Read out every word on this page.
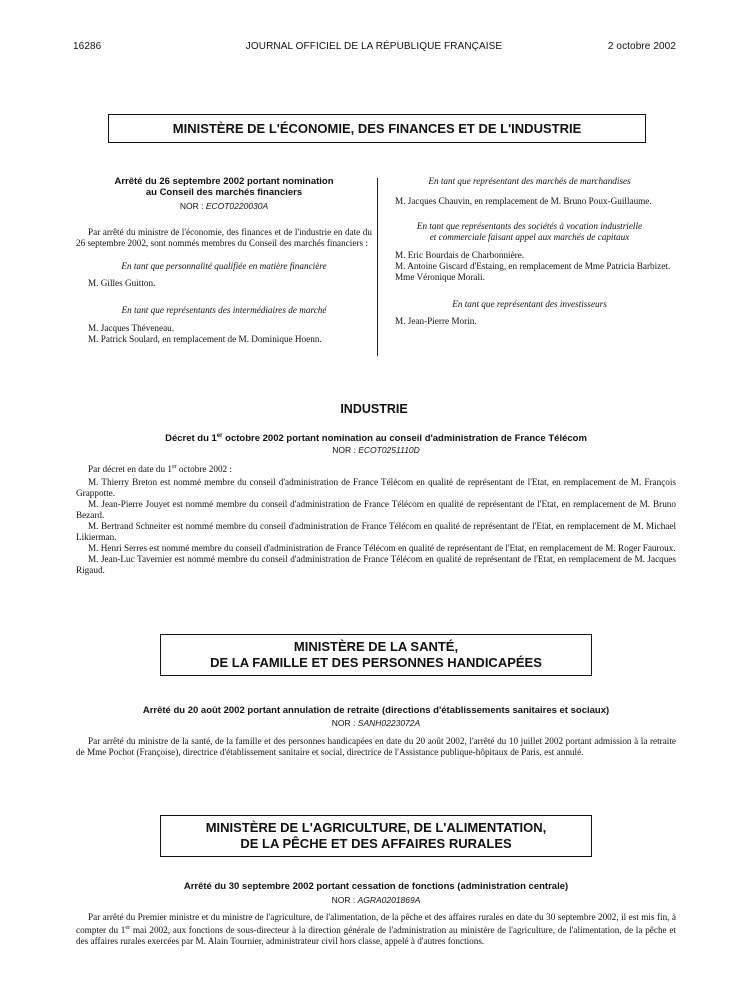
16286	JOURNAL OFFICIEL DE LA RÉPUBLIQUE FRANÇAISE	2 octobre 2002
MINISTÈRE DE L'ÉCONOMIE, DES FINANCES ET DE L'INDUSTRIE
Arrêté du 26 septembre 2002 portant nomination
au Conseil des marchés financiers
NOR : ECOT0220030A

Par arrêté du ministre de l'économie, des finances et de l'industrie en date du 26 septembre 2002, sont nommés membres du Conseil des marchés financiers :

En tant que personnalité qualifiée en matière financière

M. Gilles Guitton.

En tant que représentants des intermédiaires de marché

M. Jacques Théveneau.

M. Patrick Soulard, en remplacement de M. Dominique Hoenn.

En tant que représentant des marchés de marchandises

M. Jacques Chauvin, en remplacement de M. Bruno Poux-Guillaume.

En tant que représentants des sociétés à vocation industrielle
et commerciale faisant appel aux marchés de capitaux

M. Eric Bourdais de Charbonnière.

M. Antoine Giscard d'Estaing, en remplacement de Mme Patricia Barbizet.

Mme Véronique Morali.

En tant que représentant des investisseurs

M. Jean-Pierre Morin.

INDUSTRIE
Décret du 1er octobre 2002 portant nomination au conseil d'administration de France Télécom
NOR : ECOT0251110D

Par décret en date du 1er octobre 2002 :

M. Thierry Breton est nommé membre du conseil d'administration de France Télécom en qualité de représentant de l'Etat, en remplacement de M. François Grappotte.

M. Jean-Pierre Jouyet est nommé membre du conseil d'administration de France Télécom en qualité de représentant de l'Etat, en remplacement de M. Bruno Bezard.

M. Bertrand Schneiter est nommé membre du conseil d'administration de France Télécom en qualité de représentant de l'Etat, en remplacement de M. Michael Likierman.

M. Henri Serres est nommé membre du conseil d'administration de France Télécom en qualité de représentant de l'Etat, en remplacement de M. Roger Fauroux.

M. Jean-Luc Tavernier est nommé membre du conseil d'administration de France Télécom en qualité de représentant de l'Etat, en remplacement de M. Jacques Rigaud.

MINISTÈRE DE LA SANTÉ,
DE LA FAMILLE ET DES PERSONNES HANDICAPÉES
Arrêté du 20 août 2002 portant annulation de retraite (directions d'établissements sanitaires et sociaux)
NOR : SANH0223072A

Par arrêté du ministre de la santé, de la famille et des personnes handicapées en date du 20 août 2002, l'arrêté du 10 juillet 2002 portant admission à la retraite de Mme Pochot (Françoise), directrice d'établissement sanitaire et social, directrice de l'Assistance publique-hôpitaux de Paris, est annulé.

MINISTÈRE DE L'AGRICULTURE, DE L'ALIMENTATION,
DE LA PÊCHE ET DES AFFAIRES RURALES
Arrêté du 30 septembre 2002 portant cessation de fonctions (administration centrale)
NOR : AGRA0201869A

Par arrêté du Premier ministre et du ministre de l'agriculture, de l'alimentation, de la pêche et des affaires rurales en date du 30 septembre 2002, il est mis fin, à compter du 1er mai 2002, aux fonctions de sous-directeur à la direction générale de l'administration au ministère de l'agriculture, de l'alimentation, de la pêche et des affaires rurales exercées par M. Alain Tournier, administrateur civil hors classe, appelé à d'autres fonctions.
